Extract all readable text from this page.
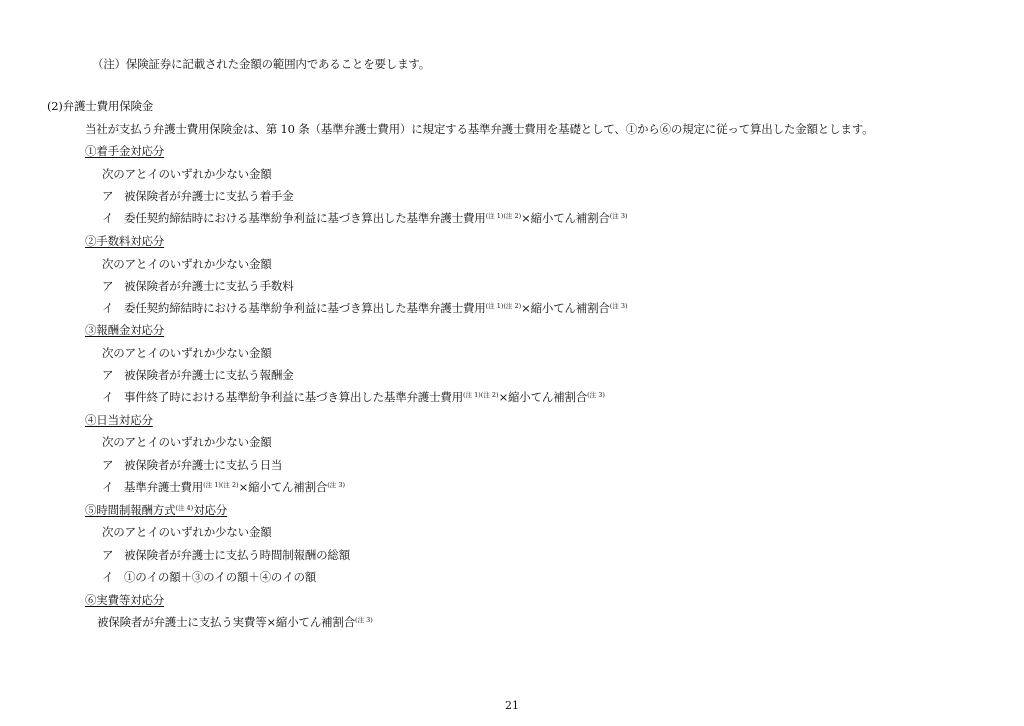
（注）保険証券に記載された金額の範囲内であることを要します。
(2)弁護士費用保険金
当社が支払う弁護士費用保険金は、第 10 条（基準弁護士費用）に規定する基準弁護士費用を基礎として、①から⑥の規定に従って算出した金額とします。
①着手金対応分
次のアとイのいずれか少ない金額
ア 被保険者が弁護士に支払う着手金
イ 委任契約締結時における基準紛争利益に基づき算出した基準弁護士費用$^{(注 1)(注 2)}$×縮小てん補割合$^{(注 3)}$
②手数料対応分
次のアとイのいずれか少ない金額
ア 被保険者が弁護士に支払う手数料
イ 委任契約締結時における基準紛争利益に基づき算出した基準弁護士費用$^{(注 1)(注 2)}$×縮小てん補割合$^{(注 3)}$
③報酬金対応分
次のアとイのいずれか少ない金額
ア 被保険者が弁護士に支払う報酬金
イ 事件終了時における基準紛争利益に基づき算出した基準弁護士費用$^{(注 1)(注 2)}$×縮小てん補割合$^{(注 3)}$
④日当対応分
次のアとイのいずれか少ない金額
ア 被保険者が弁護士に支払う日当
イ 基準弁護士費用$^{(注 1)(注 2)}$×縮小てん補割合$^{(注 3)}$
⑤時間制報酬方式$^{(注 4)}$対応分
次のアとイのいずれか少ない金額
ア 被保険者が弁護士に支払う時間制報酬の総額
イ ①のイの額＋③のイの額＋④のイの額
⑥実費等対応分
被保険者が弁護士に支払う実費等×縮小てん補割合$^{(注 3)}$
21
